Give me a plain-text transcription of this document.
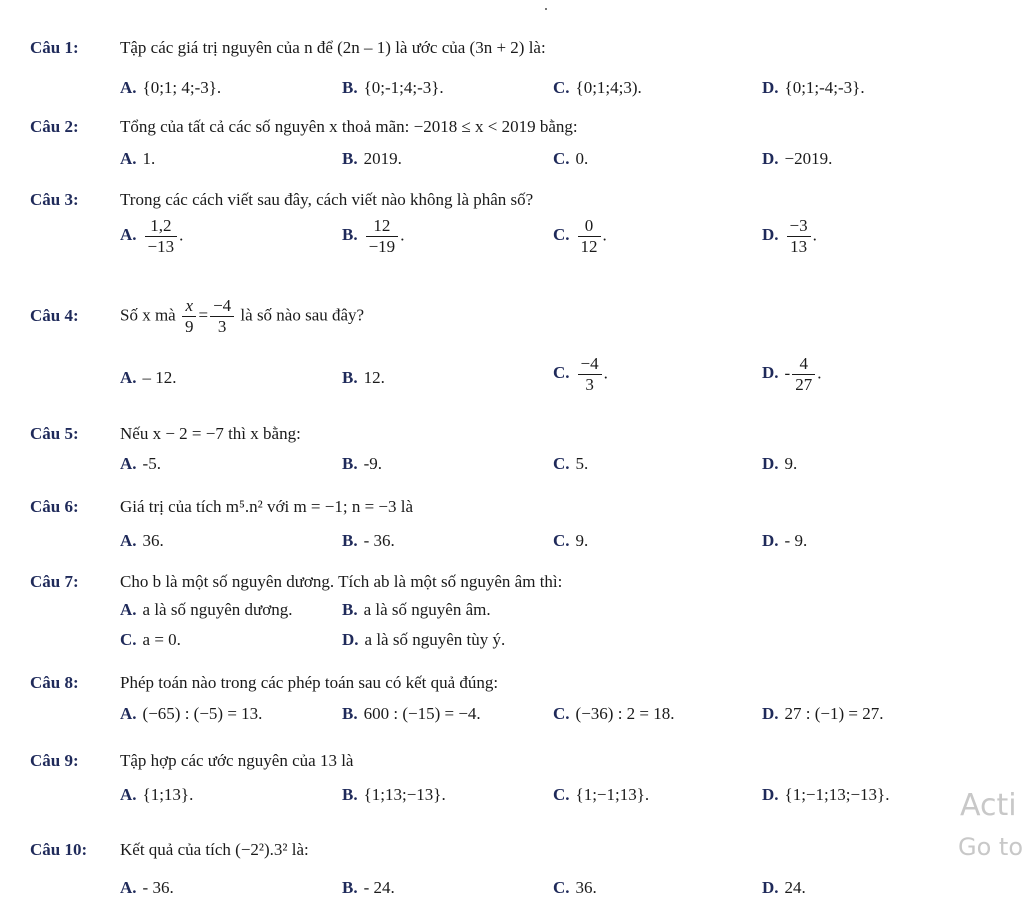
Câu 1: Tập các giá trị nguyên của n để (2n – 1) là ước của (3n + 2) là:
A. {0;1; 4;-3}.	B. {0;-1;4;-3}.	C. {0;1;4;3).	D. {0;1;-4;-3}.
Câu 2: Tổng của tất cả các số nguyên x thoả mãn: −2018 ≤ x < 2019 bằng:
A. 1.	B. 2019.	C. 0.	D. −2019.
Câu 3: Trong các cách viết sau đây, cách viết nào không là phân số?
A. $\frac{1,2}{-13}$ .	B. $\frac{12}{-19}$ .	C. $\frac{0}{12}$ .	D. $\frac{-3}{13}$ .
Câu 4: Số x mà $\frac{x}{9} = \frac{-4}{3}$ là số nào sau đây?
A. – 12.	B. 12.	C. $\frac{-4}{3}$ .	D. - $\frac{4}{27}$ .
Câu 5: Nếu x − 2 = −7 thì x bằng:
A. -5.	B. -9.	C. 5.	D. 9.
Câu 6: Giá trị của tích m⁵.n² với m = −1; n = −3 là
A. 36.	B. - 36.	C. 9.	D. - 9.
Câu 7: Cho b là một số nguyên dương. Tích ab là một số nguyên âm thì:
A. a là số nguyên dương.	B. a là số nguyên âm.
C. a = 0.	D. a là số nguyên tùy ý.
Câu 8: Phép toán nào trong các phép toán sau có kết quả đúng:
A. (−65) : (−5) = 13.	B. 600 : (−15) = −4.	C. (−36) : 2 = 18.	D. 27 : (−1) = 27.
Câu 9: Tập hợp các ước nguyên của 13 là
A. {1;13}.	B. {1;13;−13}.	C. {1;−1;13}.	D. {1;−1;13;−13}.
Câu 10: Kết quả của tích (−2²).3² là:
A. - 36.	B. - 24.	C. 36.	D. 24.
Acti
Go to
